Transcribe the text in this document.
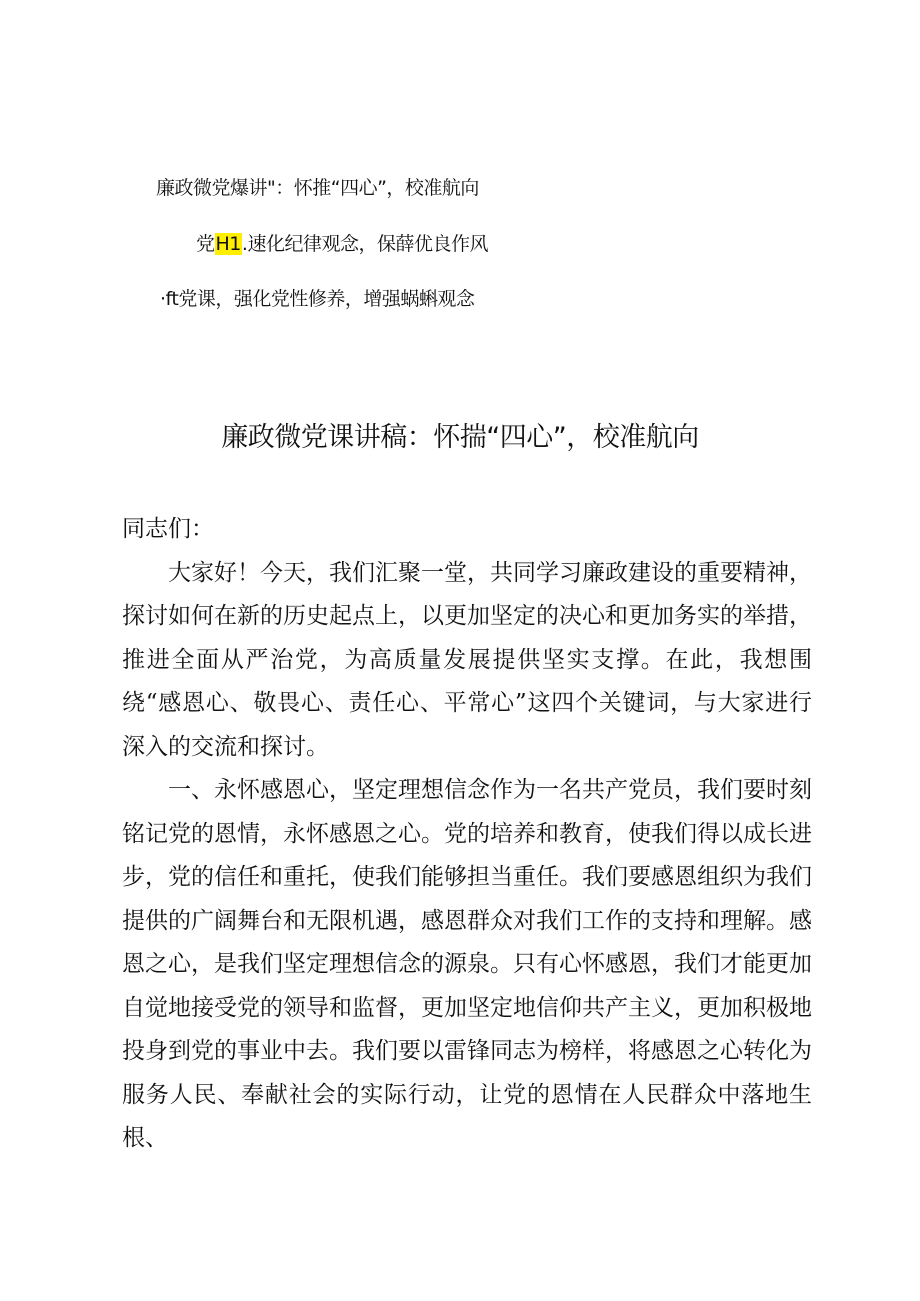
廉政微党爆讲"：怀推“四心”，校准航向
党H1.速化纪律观念，保薛优良作风
·ft党课，强化党性修养，增强蜗蝌观念
廉政微党课讲稿：怀揣“四心”，校准航向

同志们：

大家好！今天，我们汇聚一堂，共同学习廉政建设的重要精神，探讨如何在新的历史起点上，以更加坚定的决心和更加务实的举措，推进全面从严治党，为高质量发展提供坚实支撑。在此，我想围绕“感恩心、敬畏心、责任心、平常心”这四个关键词，与大家进行深入的交流和探讨。

一、永怀感恩心，坚定理想信念作为一名共产党员，我们要时刻铭记党的恩情，永怀感恩之心。党的培养和教育，使我们得以成长进步，党的信任和重托，使我们能够担当重任。我们要感恩组织为我们提供的广阔舞台和无限机遇，感恩群众对我们工作的支持和理解。感恩之心，是我们坚定理想信念的源泉。只有心怀感恩，我们才能更加自觉地接受党的领导和监督，更加坚定地信仰共产主义，更加积极地投身到党的事业中去。我们要以雷锋同志为榜样，将感恩之心转化为服务人民、奉献社会的实际行动，让党的恩情在人民群众中落地生根、
